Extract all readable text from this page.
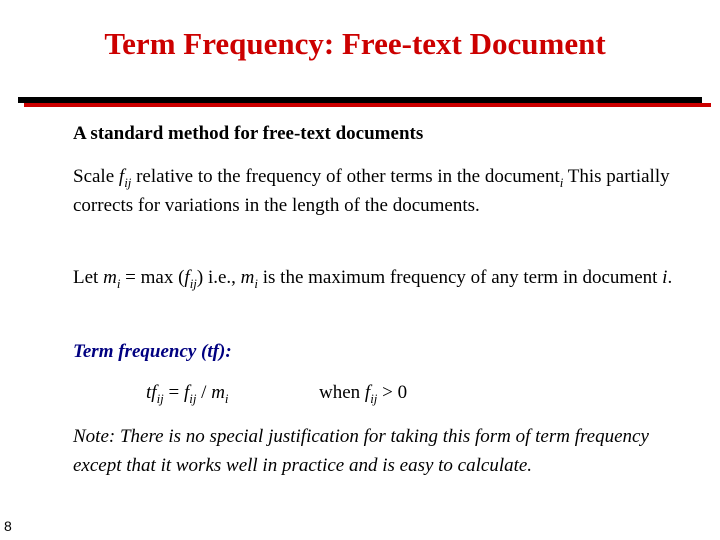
Term Frequency: Free-text Document
A standard method for free-text documents
Scale $f_{ij}$ relative to the frequency of other terms in the document$_i$ This partially corrects for variations in the length of the documents.
Let $m_i = \max (f_{ij})$ i.e., $m_i$ is the maximum frequency of any term in document i.
Term frequency (tf):
$tf_{ij} = f_{ij} / m_i$	when $f_{ij} > 0$
Note: There is no special justification for taking this form of term frequency except that it works well in practice and is easy to calculate.
8
